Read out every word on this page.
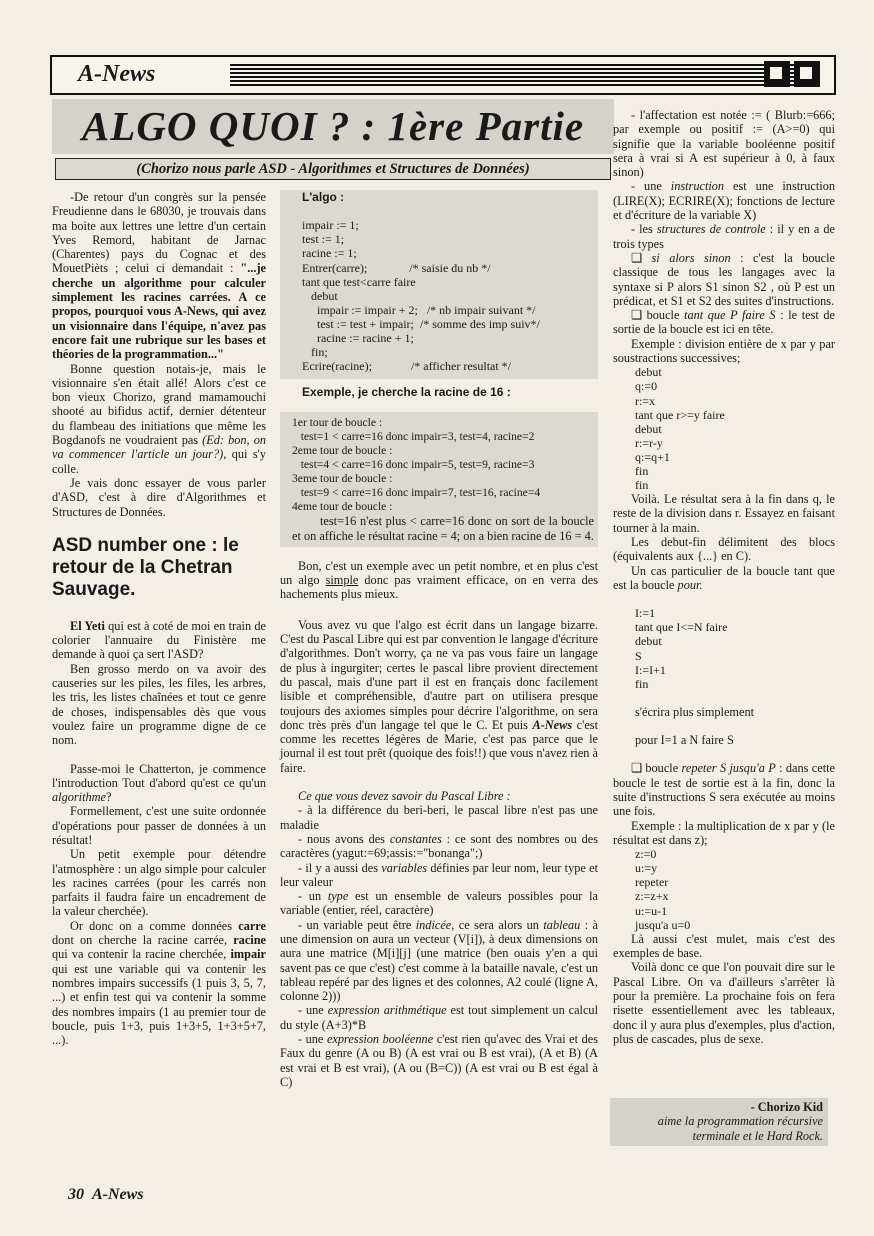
A-News
ALGO QUOI ? : 1ère Partie
(Chorizo nous parle ASD - Algorithmes et Structures de Données)

-De retour d'un congrès sur la pensée Freudienne dans le 68030, je trouvais dans ma boite aux lettres une lettre d'un certain Yves Remord, habitant de Jarnac (Charentes) pays du Cognac et des MouetPièts ; celui ci demandait : "...je cherche un algorithme pour calculer simplement les racines carrées. A ce propos, pourquoi vous A-News, qui avez un visionnaire dans l'équipe, n'avez pas encore fait une rubrique sur les bases et théories de la programmation..."

Bonne question notais-je, mais le visionnaire s'en était allé! Alors c'est ce bon vieux Chorizo, grand mamamouchi shooté au bifidus actif, dernier détenteur du flambeau des initiations que même les Bogdanofs ne voudraient pas (Ed: bon, on va commencer l'article un jour?), qui s'y colle.

Je vais donc essayer de vous parler d'ASD, c'est à dire d'Algorithmes et Structures de Données.

ASD number one : le retour de la Chetran Sauvage.

El Yeti qui est à coté de moi en train de colorier l'annuaire du Finistère me demande à quoi ça sert l'ASD?

Ben grosso merdo on va avoir des causeries sur les piles, les files, les arbres, les tris, les listes chaînées et tout ce genre de choses, indispensables dès que vous voulez faire un programme digne de ce nom.

Passe-moi le Chatterton, je commence l'introduction Tout d'abord qu'est ce qu'un algorithme?

Formellement, c'est une suite ordonnée d'opérations pour passer de données à un résultat!

Un petit exemple pour détendre l'atmosphère : un algo simple pour calculer les racines carrées (pour les carrés non parfaits il faudra faire un encadrement de la valeur cherchée).

Or donc on a comme données carre dont on cherche la racine carrée, racine qui va contenir la racine cherchée, impair qui est une variable qui va contenir les nombres impairs successifs (1 puis 3, 5, 7, ...) et enfin test qui va contenir la somme des nombres impairs (1 au premier tour de boucle, puis 1+3, puis 1+3+5, 1+3+5+7, ...).

L'algo :
impair := 1;
test := 1;
racine := 1;
Entrer(carre);              /* saisie du nb */
tant que test<carre faire
debut
impair := impair + 2;   /* nb impair suivant */
test := test + impair;  /* somme des imp suiv*/
racine := racine + 1;
fin;
Ecrire(racine);             /* afficher resultat */
Exemple, je cherche la racine de 16 :
1er tour de boucle :
test=1 < carre=16 donc impair=3, test=4, racine=2
2eme tour de boucle :
test=4 < carre=16 donc impair=5, test=9, racine=3
3eme tour de boucle :
test=9 < carre=16 donc impair=7, test=16, racine=4
4eme tour de boucle :

test=16 n'est plus < carre=16 donc on sort de la boucle et on affiche le résultat racine = 4; on a bien racine de 16 = 4.

Bon, c'est un exemple avec un petit nombre, et en plus c'est un algo simple donc pas vraiment efficace, on en verra des hachements plus mieux.

Vous avez vu que l'algo est écrit dans un langage bizarre. C'est du Pascal Libre qui est par convention le langage d'écriture d'algorithmes. Don't worry, ça ne va pas vous faire un langage de plus à ingurgiter; certes le pascal libre provient directement du pascal, mais d'une part il est en français donc facilement lisible et compréhensible, d'autre part on utilisera presque toujours des axiomes simples pour décrire l'algorithme, on sera donc très près d'un langage tel que le C. Et puis A-News c'est comme les recettes légères de Marie, c'est pas parce que le journal il est tout prêt (quoique des fois!!) que vous n'avez rien à faire.

Ce que vous devez savoir du Pascal Libre :

- à la différence du beri-beri, le pascal libre n'est pas une maladie

- nous avons des constantes : ce sont des nombres ou des caractères (yagut:=69;assis:="bonanga";)

- il y a aussi des variables définies par leur nom, leur type et leur valeur

- un type est un ensemble de valeurs possibles pour la variable (entier, réel, caractère)

- un variable peut être indicée, ce sera alors un tableau : à une dimension on aura un vecteur (V[i]), à deux dimensions on aura une matrice (M[i][j] (une matrice (ben ouais y'en a qui savent pas ce que c'est) c'est comme à la bataille navale, c'est un tableau repéré par des lignes et des colonnes, A2 coulé (ligne A, colonne 2)))

- une expression arithmétique est tout simplement un calcul du style (A+3)*B

- une expression booléenne c'est rien qu'avec des Vrai et des Faux du genre (A ou B) (A est vrai ou B est vrai), (A et B) (A est vrai et B est vrai), (A ou (B=C)) (A est vrai ou B est égal à C)

- l'affectation est notée := ( Blurb:=666; par exemple ou positif := (A>=0) qui signifie que la variable booléenne positif sera à vrai si A est supérieur à 0, à faux sinon)

- une instruction est une instruction (LIRE(X); ECRIRE(X); fonctions de lecture et d'écriture de la variable X)

- les structures de controle : il y en a de trois types

❑ si alors sinon : c'est la boucle classique de tous les langages avec la syntaxe si P alors S1 sinon S2 , où P est un prédicat, et S1 et S2 des suites d'instructions.

❑ boucle tant que P faire S : le test de sortie de la boucle est ici en tête.

Exemple : division entière de x par y par soustractions successives;

debut
q:=0
r:=x
tant que r>=y faire
debut
r:=r-y
q:=q+1
fin
fin

Voilà. Le résultat sera à la fin dans q, le reste de la division dans r. Essayez en faisant tourner à la main.

Les debut-fin délimitent des blocs (équivalents aux {...} en C).

Un cas particulier de la boucle tant que est la boucle pour.

I:=1
tant que I<=N faire
debut
S
I:=I+1
fin

s'écrira plus simplement

pour I=1 a N faire S

❑ boucle repeter S jusqu'a P : dans cette boucle le test de sortie est à la fin, donc la suite d'instructions S sera exécutée au moins une fois.

Exemple : la multiplication de x par y (le résultat est dans z);

z:=0
u:=y
repeter
z:=z+x
u:=u-1
jusqu'a u=0

Là aussi c'est mulet, mais c'est des exemples de base.

Voilà donc ce que l'on pouvait dire sur le Pascal Libre. On va d'ailleurs s'arrêter là pour la première. La prochaine fois on fera risette essentiellement avec les tableaux, donc il y aura plus d'exemples, plus d'action, plus de cascades, plus de sexe.

- Chorizo Kid
aime la programmation récursive terminale et le Hard Rock.
30 A-News
